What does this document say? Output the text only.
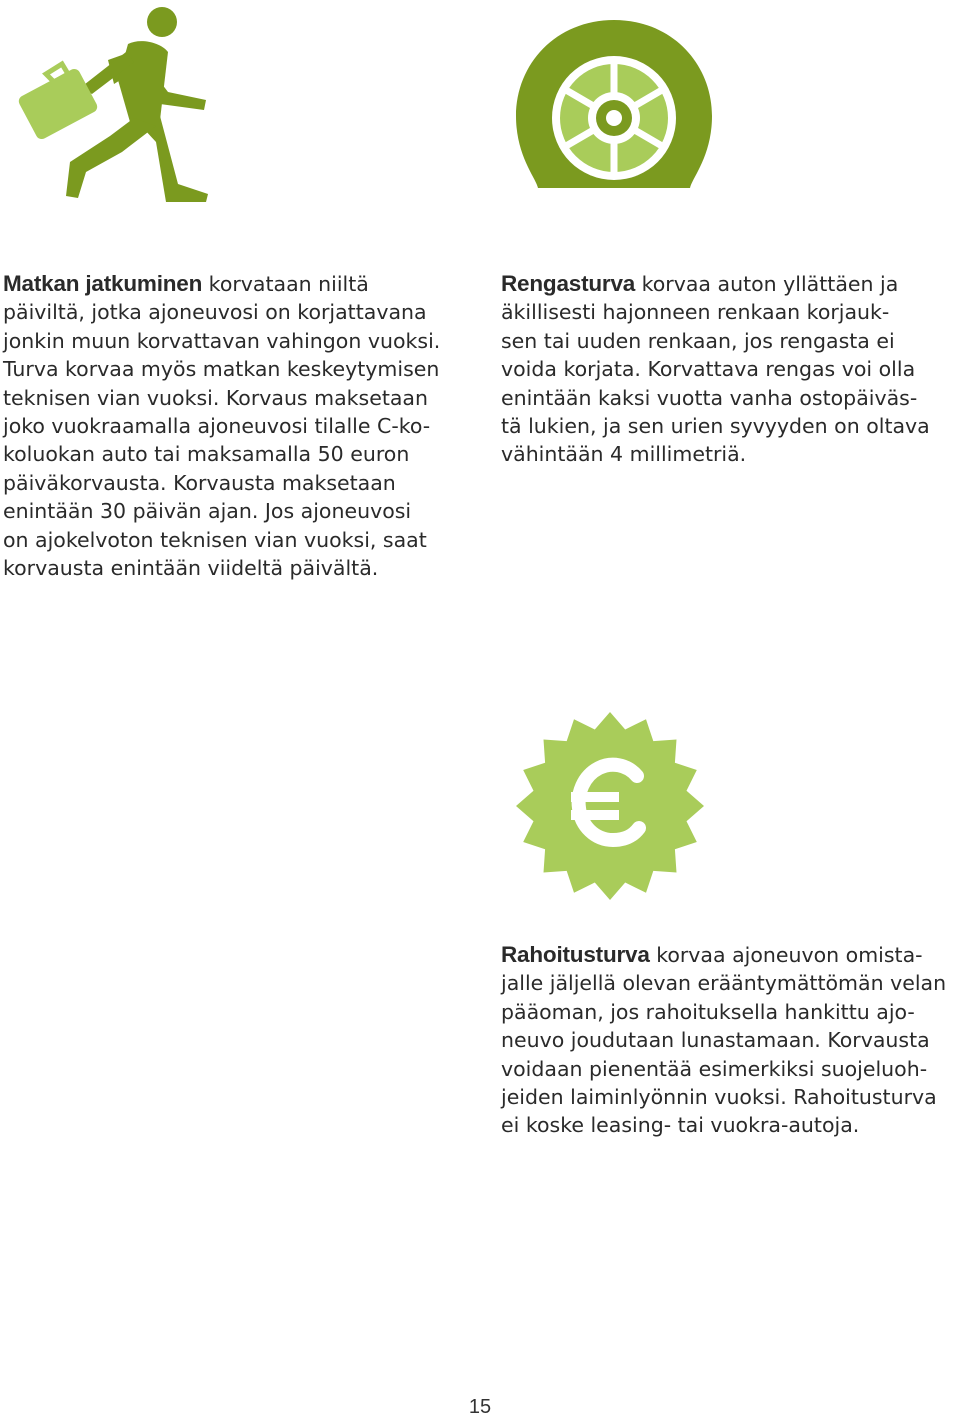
Matkan jatkuminen korvataan niiltä
päiviltä, jotka ajoneuvosi on korjattavana
jonkin muun korvattavan vahingon vuoksi.
Turva korvaa myös matkan keskeytymisen
teknisen vian vuoksi. Korvaus maksetaan
joko vuokraamalla ajoneuvosi tilalle C-ko-
koluokan auto tai maksamalla 50 euron
päiväkorvausta. Korvausta maksetaan
enintään 30 päivän ajan. Jos ajoneuvosi
on ajokelvoton teknisen vian vuoksi, saat
korvausta enintään viideltä päivältä.

Rengasturva korvaa auton yllättäen ja
äkillisesti hajonneen renkaan korjauk-
sen tai uuden renkaan, jos rengasta ei
voida korjata. Korvattava rengas voi olla
enintään kaksi vuotta vanha ostopäiväs-
tä lukien, ja sen urien syvyyden on oltava
vähintään 4 millimetriä.

Rahoitusturva korvaa ajoneuvon omista-
jalle jäljellä olevan erääntymättömän velan
pääoman, jos rahoituksella hankittu ajo-
neuvo joudutaan lunastamaan. Korvausta
voidaan pienentää esimerkiksi suojeluoh-
jeiden laiminlyönnin vuoksi. Rahoitusturva
ei koske leasing- tai vuokra-autoja.

15
